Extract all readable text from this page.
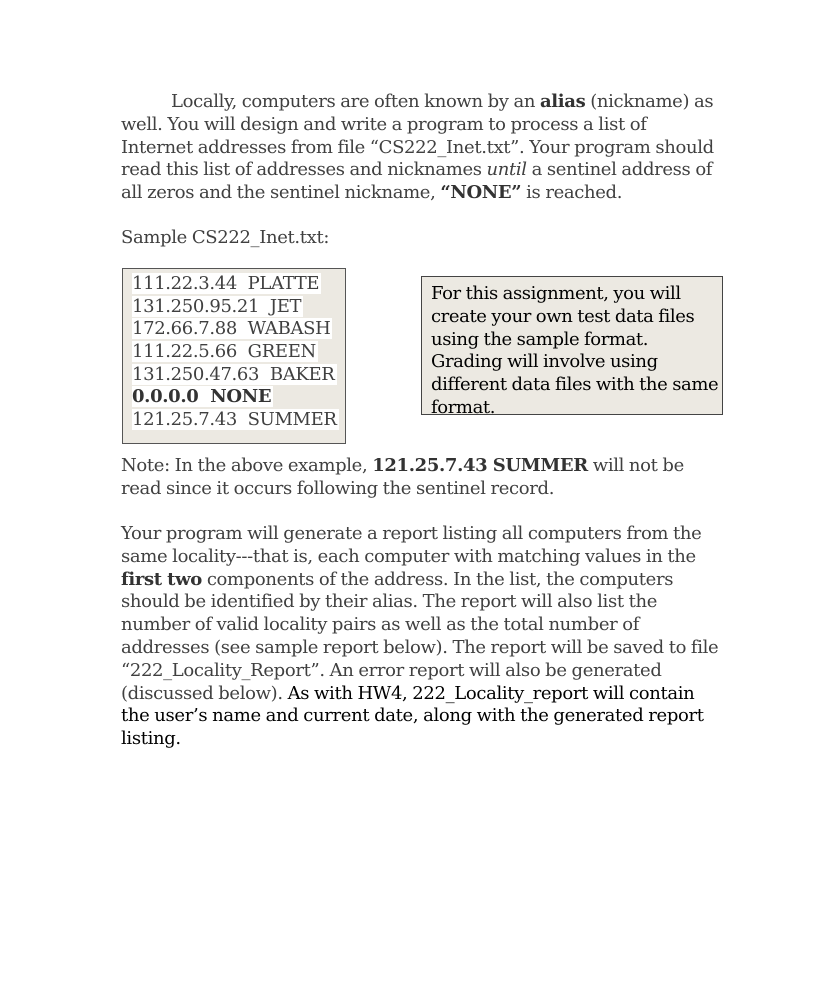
Locally, computers are often known by an alias (nickname) as well. You will design and write a program to process a list of Internet addresses from file “CS222_Inet.txt”. Your program should read this list of addresses and nicknames until a sentinel address of all zeros and the sentinel nickname, “NONE” is reached.

Sample CS222_Inet.txt:

111.22.3.44  PLATTE
131.250.95.21  JET
172.66.7.88  WABASH
111.22.5.66  GREEN
131.250.47.63  BAKER
0.0.0.0  NONE
121.25.7.43  SUMMER

For this assignment, you will create your own test data files using the sample format. Grading will involve using different data files with the same format.

Note: In the above example, 121.25.7.43 SUMMER will not be read since it occurs following the sentinel record.

Your program will generate a report listing all computers from the same locality---that is, each computer with matching values in the first two components of the address. In the list, the computers should be identified by their alias. The report will also list the number of valid locality pairs as well as the total number of addresses (see sample report below). The report will be saved to file “222_Locality_Report”. An error report will also be generated (discussed below). As with HW4, 222_Locality_report will contain the user’s name and current date, along with the generated report listing.
